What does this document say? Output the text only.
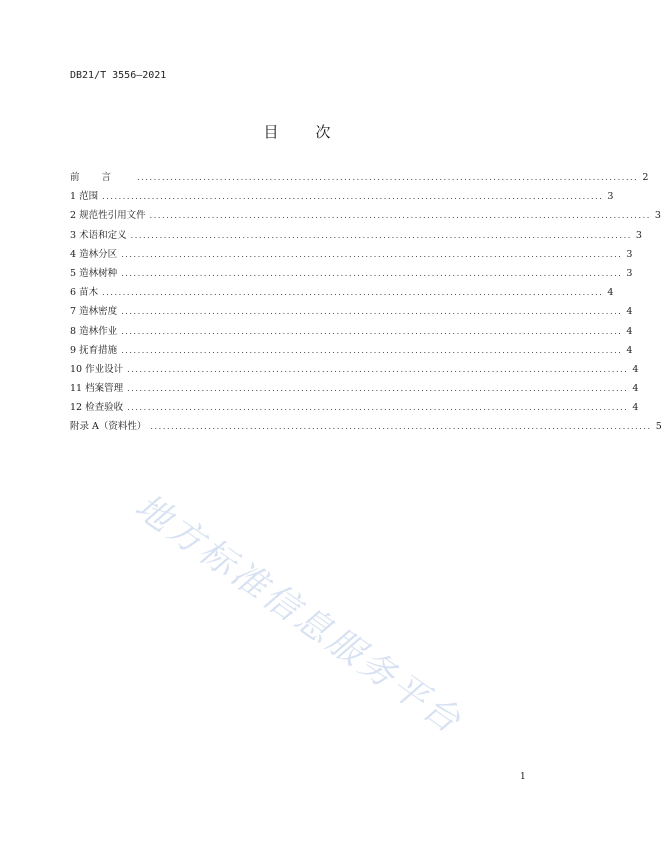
DB21/T 3556—2021
目 次
前言 ......................................................................................................................... 2
1 范围 ......................................................................................................................... 3
2 规范性引用文件 ......................................................................................................................... 3
3 术语和定义 ......................................................................................................................... 3
4 造林分区 ......................................................................................................................... 3
5 造林树种 ......................................................................................................................... 3
6 苗木 ......................................................................................................................... 4
7 造林密度 ......................................................................................................................... 4
8 造林作业 ......................................................................................................................... 4
9 抚育措施 ......................................................................................................................... 4
10 作业设计 ......................................................................................................................... 4
11 档案管理 ......................................................................................................................... 4
12 检查验收 ......................................................................................................................... 4
附录 A（资料性） ......................................................................................................................... 5
地方标准信息服务平台
1
